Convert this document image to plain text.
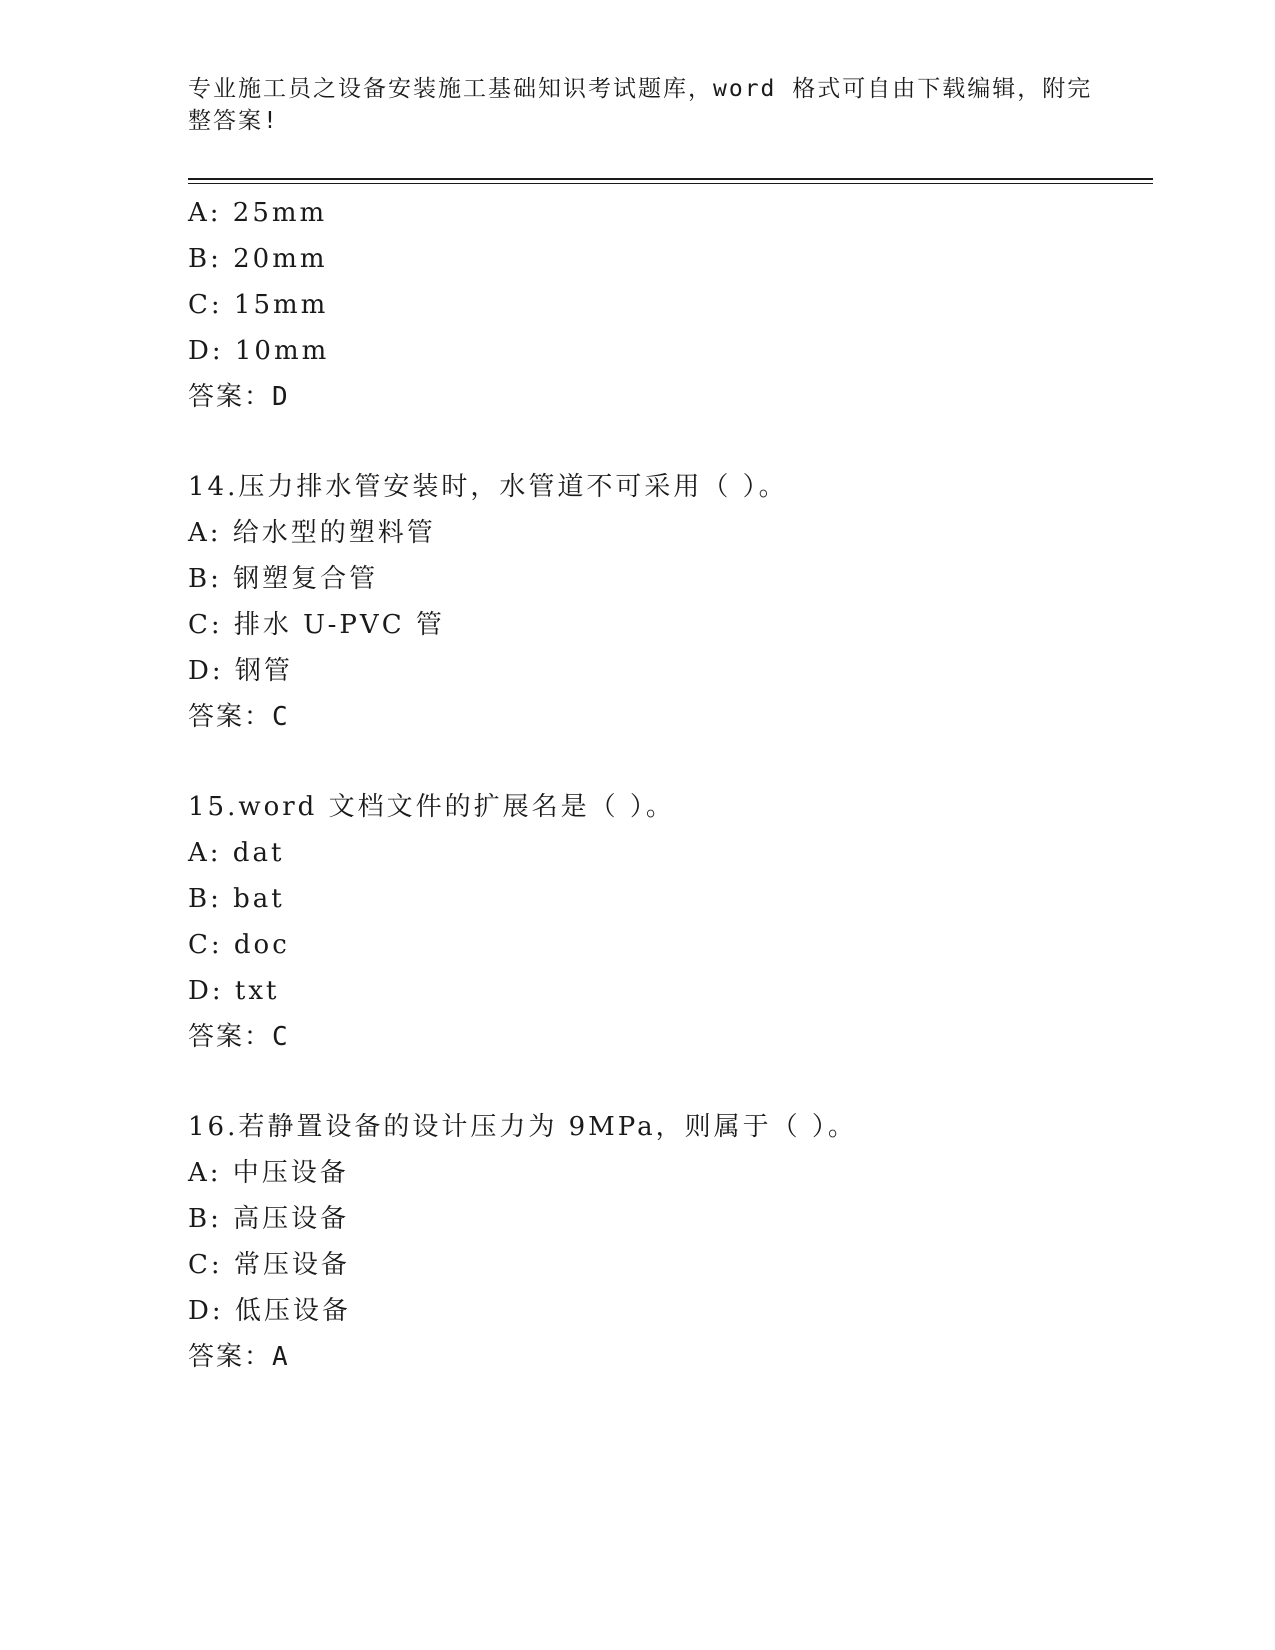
专业施工员之设备安装施工基础知识考试题库，word 格式可自由下载编辑，附完
整答案!
A: 25mm
B: 20mm
C: 15mm
D: 10mm
答案：D
14.压力排水管安装时，水管道不可采用（ ）。
A: 给水型的塑料管
B: 钢塑复合管
C: 排水 U-PVC 管
D: 钢管
答案：C
15.word 文档文件的扩展名是（ ）。
A: dat
B: bat
C: doc
D: txt
答案：C
16.若静置设备的设计压力为 9MPa，则属于（ ）。
A: 中压设备
B: 高压设备
C: 常压设备
D: 低压设备
答案：A
